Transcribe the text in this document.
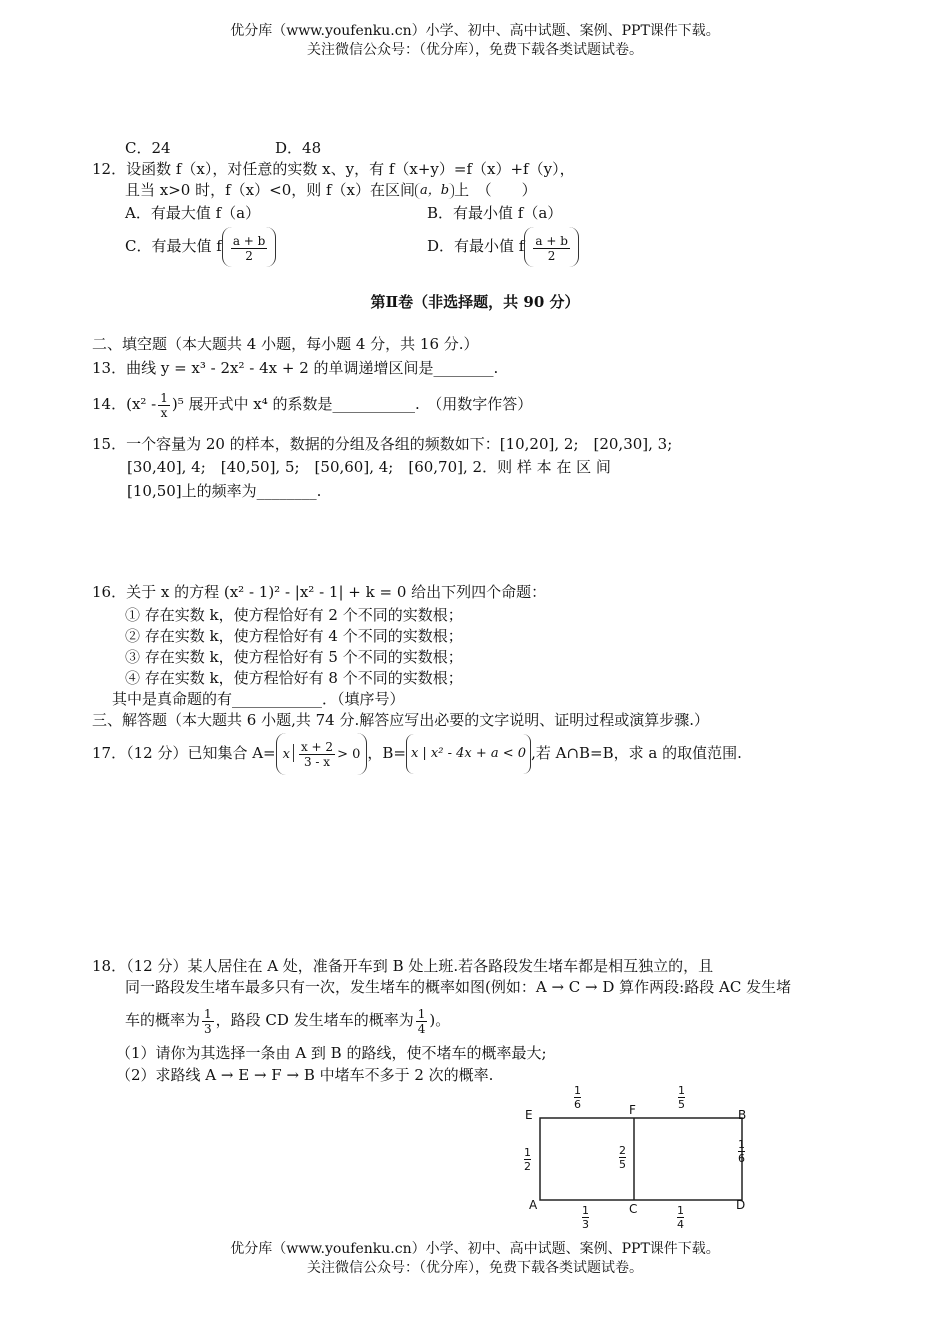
优分库（www.youfenku.cn）小学、初中、高中试题、案例、PPT课件下载。
关注微信公众号：（优分库），免费下载各类试题试卷。
C．24	D．48
12．设函数 f（x），对任意的实数 x、y，有 f（x+y）=f（x）+f（y），
且当 x>0 时，f（x）<0，则 f（x）在区间 a，b 上　（　　）
A．有最大值 f（a）	B．有最小值 f（a）
C．有最大值 f $\frac{a + b}{2}$	D．有最小值 f $\frac{a + b}{2}$
第Ⅱ卷（非选择题，共 90 分）
二、填空题（本大题共 4 小题，每小题 4 分，共 16 分.）
13．曲线 y = x³ - 2x² - 4x + 2 的单调递增区间是________.
14．$(x^2 - \frac{1}{x} )^5$ 展开式中 x⁴ 的系数是___________.　（用数字作答）
15．一个容量为 20 的样本，数据的分组及各组的频数如下：[10,20], 2;　[20,30], 3;
[30,40], 4;　[40,50], 5;　[50,60], 4;　[60,70], 2．则 样 本 在 区 间
[10,50]上的频率为________.
16．关于 x 的方程 (x² - 1)² - |x² - 1| + k = 0 给出下列四个命题：
① 存在实数 k，使方程恰好有 2 个不同的实数根；
② 存在实数 k，使方程恰好有 4 个不同的实数根；
③ 存在实数 k，使方程恰好有 5 个不同的实数根；
④ 存在实数 k，使方程恰好有 8 个不同的实数根；
其中是真命题的有____________．（填序号）
三、解答题（本大题共 6 小题,共 74 分.解答应写出必要的文字说明、证明过程或演算步骤.）
17．（12 分）已知集合 A= x $\frac{x + 2}{3 - x} > 0$ ，B= x | x² - 4x + a < 0 ,若 A∩B=B，求 a 的取值范围.
18．（12 分）某人居住在 A 处，准备开车到 B 处上班.若各路段发生堵车都是相互独立的，且
同一路段发生堵车最多只有一次，发生堵车的概率如图(例如：A → C → D 算作两段:路段 AC 发生堵
车的概率为 $\frac{1}{3}$ ，路段 CD 发生堵车的概率为 $\frac{1}{4}$ )。
（1）请你为其选择一条由 A 到 B 的路线，使不堵车的概率最大;
（2）求路线 A → E → F → B 中堵车不多于 2 次的概率.
E	F	B
A	C	D
$\frac{1}{6}$	$\frac{1}{5}$
$\frac{1}{2}$	$\frac{2}{5}$	$\frac{1}{6}$
$\frac{1}{3}$	$\frac{1}{4}$
优分库（www.youfenku.cn）小学、初中、高中试题、案例、PPT课件下载。
关注微信公众号：（优分库），免费下载各类试题试卷。
